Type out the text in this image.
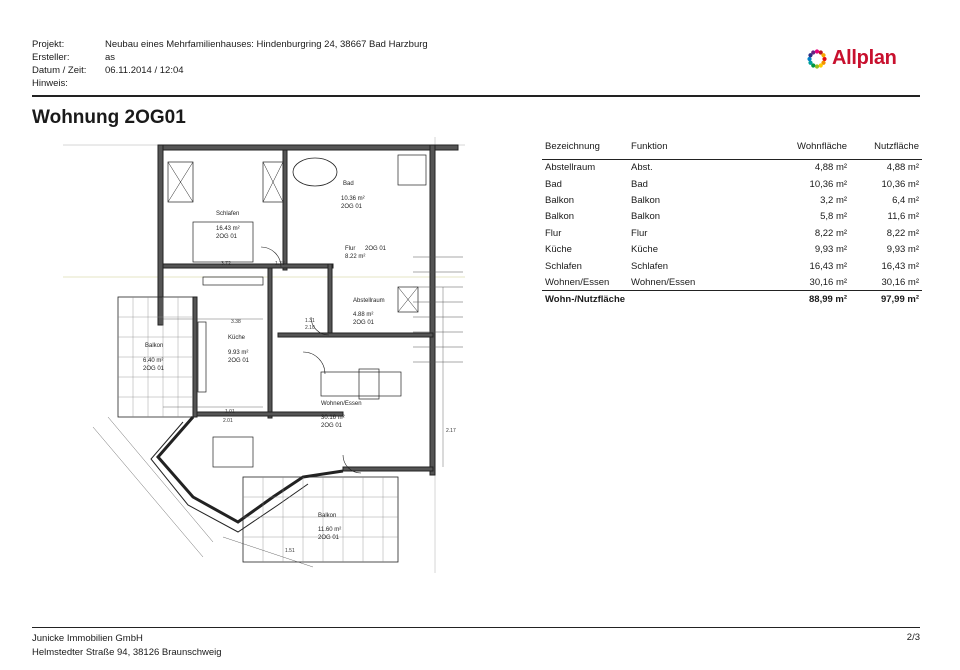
Projekt:	Neubau eines Mehrfamilienhauses: Hindenburgring 24, 38667 Bad Harzburg
Ersteller:	as
Datum / Zeit:	06.11.2014 / 12:04
Hinweis:
Allplan
Wohnung 2OG01
Schlafen
16.43 m²
2OG 01
Bad
10.36 m²
2OG 01
Flur
8.22 m²
2OG 01
Abstellraum
4.88 m²
2OG 01
Küche
9.93 m²
2OG 01
Balkon
6.40 m²
2OG 01
Wohnen/Essen
30.16 m²
2OG 01
Balkon
11.60 m²
2OG 01
3.72	1.33
1.31
3.38
2.10
1.01
2.01
2.17
1.51
Bezeichnung	Funktion	Wohnfläche	Nutzfläche
Abstellraum	Abst.	4,88 m²	4,88 m²
Bad	Bad	10,36 m²	10,36 m²
Balkon	Balkon	3,2 m²	6,4 m²
Balkon	Balkon	5,8 m²	11,6 m²
Flur	Flur	8,22 m²	8,22 m²
Küche	Küche	9,93 m²	9,93 m²
Schlafen	Schlafen	16,43 m²	16,43 m²
Wohnen/Essen	Wohnen/Essen	30,16 m²	30,16 m²
Wohn-/Nutzfläche		88,99 m²	97,99 m²
Junicke Immobilien GmbH
Helmstedter Straße 94, 38126 Braunschweig
2/3
